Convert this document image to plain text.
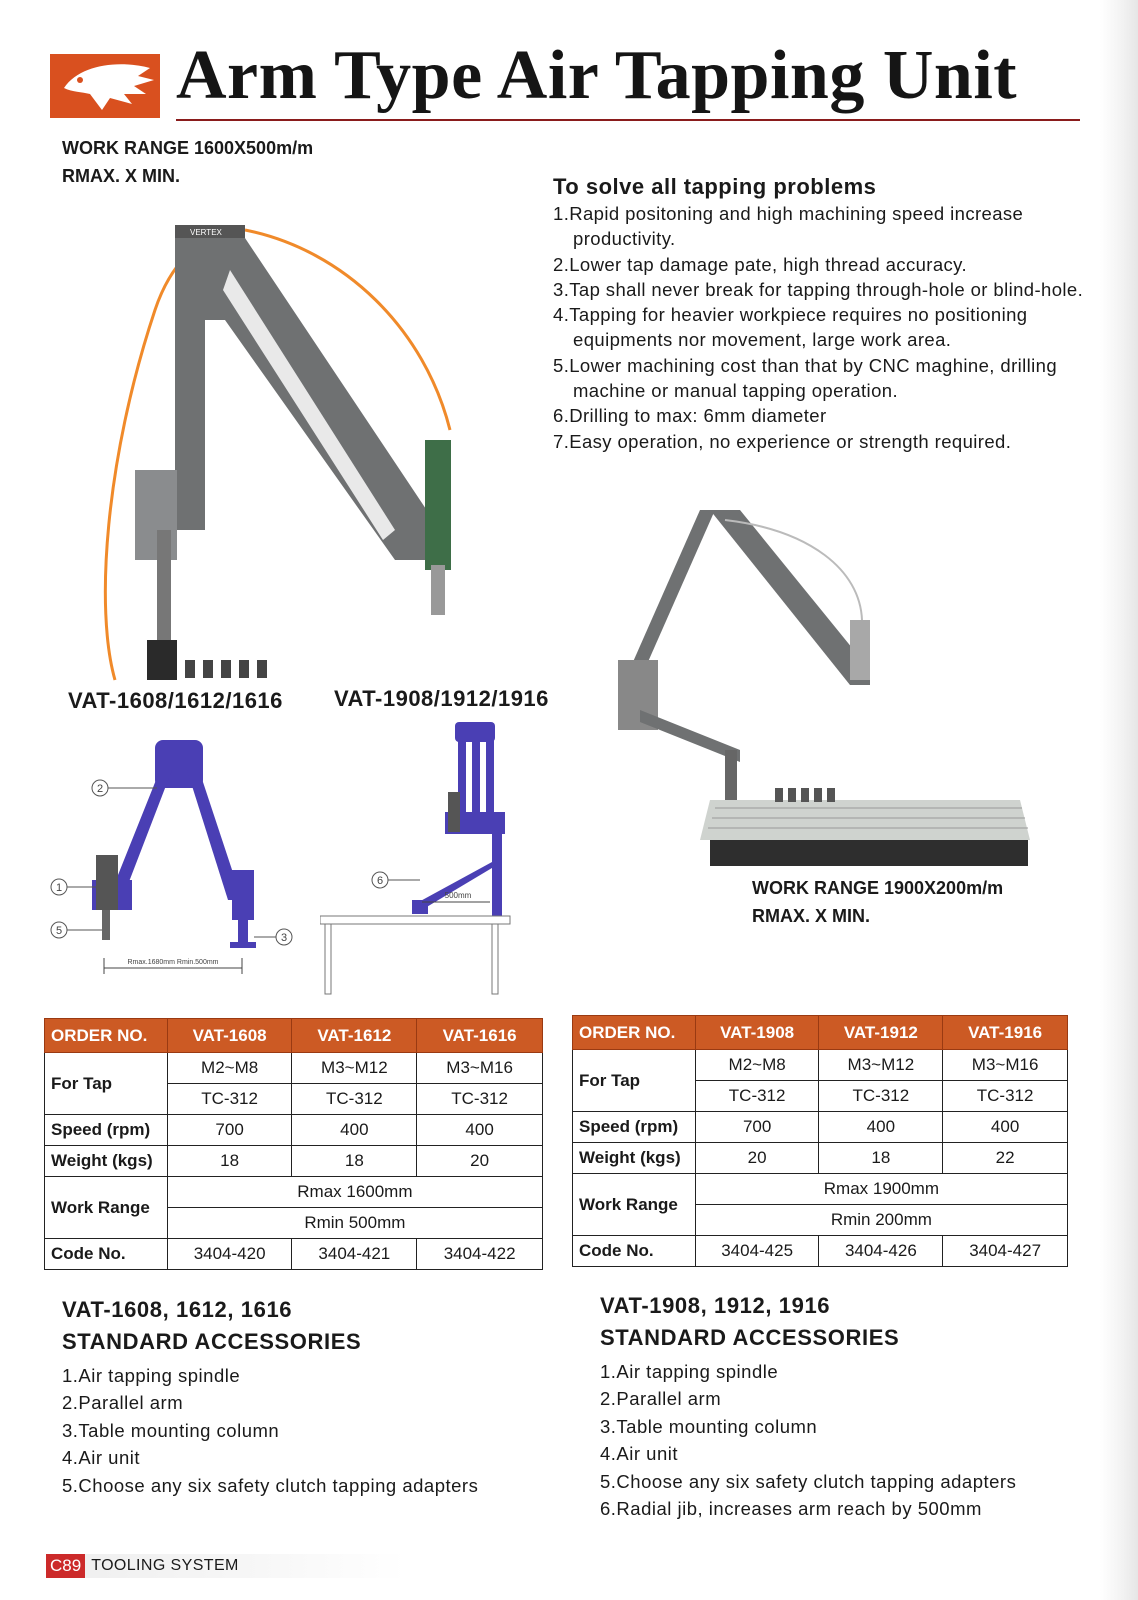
Arm Type Air Tapping Unit
WORK RANGE 1600X500m/m
RMAX. X MIN.	To solve all tapping problems
1.Rapid positoning and high machining speed increase productivity.
2.Lower tap damage pate, high thread accuracy.
3.Tap shall never break for tapping through-hole or blind-hole.
4.Tapping for heavier workpiece requires no positioning equipments nor movement, large work area.
5.Lower machining cost than that by CNC maghine, drilling machine or manual tapping operation.
6.Drilling to max: 6mm diameter
7.Easy operation, no experience or strength required.
VERTEX
VAT-1608/1612/1616 VAT-1908/1912/1916
WORK RANGE 1900X200m/m
RMAX. X MIN.
2
1
5
3
Rmax.1680mm Rmin.500mm
500mm
6
ORDER NO.	VAT-1608	VAT-1612	VAT-1616
For Tap	M2~M8	M3~M12	M3~M16
	TC-312	TC-312	TC-312
Speed (rpm)	700	400	400
Weight (kgs)	18	18	20
Work Range	Rmax 1600mm		
	Rmin 500mm		
Code No.	3404-420	3404-421	3404-422
ORDER NO.	VAT-1908	VAT-1912	VAT-1916
For Tap	M2~M8	M3~M12	M3~M16
	TC-312	TC-312	TC-312
Speed (rpm)	700	400	400
Weight (kgs)	20	18	22
Work Range	Rmax 1900mm		
	Rmin 200mm		
Code No.	3404-425	3404-426	3404-427
VAT-1608, 1612, 1616
STANDARD ACCESSORIES
1.Air tapping spindle
2.Parallel arm
3.Table mounting column
4.Air unit
5.Choose any six safety clutch tapping adapters
VAT-1908, 1912, 1916
STANDARD ACCESSORIES
1.Air tapping spindle
2.Parallel arm
3.Table mounting column
4.Air unit
5.Choose any six safety clutch tapping adapters
6.Radial jib, increases arm reach by 500mm
C89 TOOLING SYSTEM
